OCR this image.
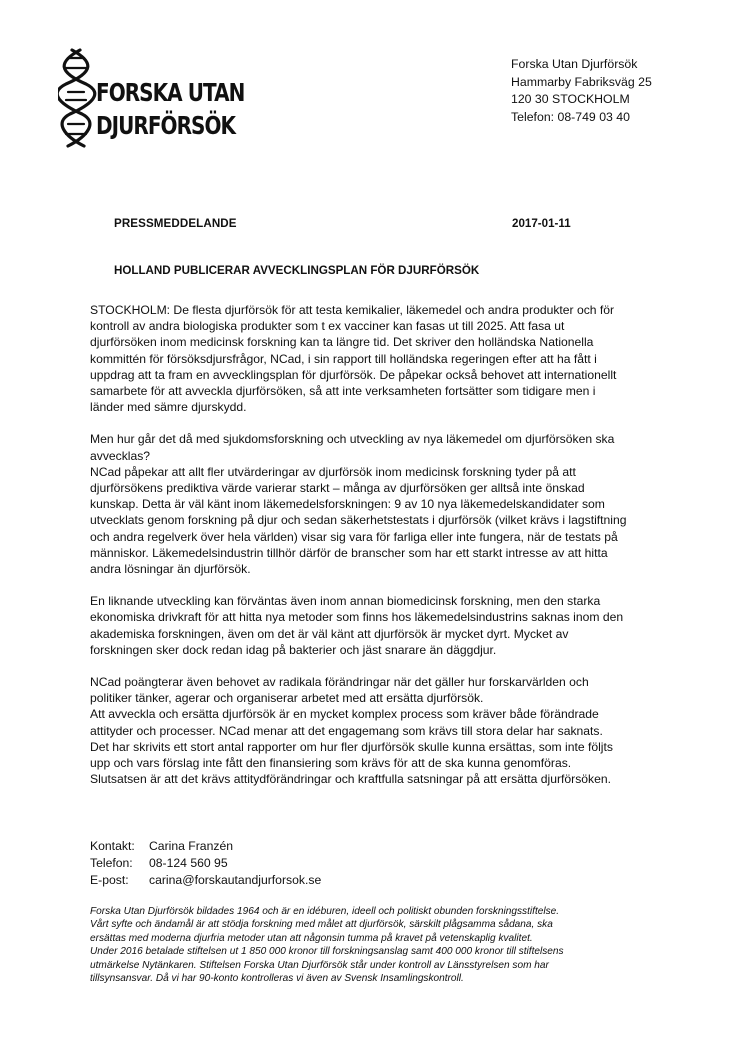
FORSKA UTAN
DJURFÖRSÖK
Forska Utan Djurförsök
Hammarby Fabriksväg 25
120 30 STOCKHOLM
Telefon: 08-749 03 40
PRESSMEDDELANDE	2017-01-11
HOLLAND PUBLICERAR AVVECKLINGSPLAN FÖR DJURFÖRSÖK
STOCKHOLM: De flesta djurförsök för att testa kemikalier, läkemedel och andra produkter och för
kontroll av andra biologiska produkter som t ex vacciner kan fasas ut till 2025. Att fasa ut
djurförsöken inom medicinsk forskning kan ta längre tid. Det skriver den holländska Nationella
kommittén för försöksdjursfrågor, NCad, i sin rapport till holländska regeringen efter att ha fått i
uppdrag att ta fram en avvecklingsplan för djurförsök. De påpekar också behovet att internationellt
samarbete för att avveckla djurförsöken, så att inte verksamheten fortsätter som tidigare men i
länder med sämre djurskydd.
Men hur går det då med sjukdomsforskning och utveckling av nya läkemedel om djurförsöken ska
avvecklas?
NCad påpekar att allt fler utvärderingar av djurförsök inom medicinsk forskning tyder på att
djurförsökens prediktiva värde varierar starkt – många av djurförsöken ger alltså inte önskad
kunskap. Detta är väl känt inom läkemedelsforskningen: 9 av 10 nya läkemedelskandidater som
utvecklats genom forskning på djur och sedan säkerhetstestats i djurförsök (vilket krävs i lagstiftning
och andra regelverk över hela världen) visar sig vara för farliga eller inte fungera, när de testats på
människor. Läkemedelsindustrin tillhör därför de branscher som har ett starkt intresse av att hitta
andra lösningar än djurförsök.
En liknande utveckling kan förväntas även inom annan biomedicinsk forskning, men den starka
ekonomiska drivkraft för att hitta nya metoder som finns hos läkemedelsindustrins saknas inom den
akademiska forskningen, även om det är väl känt att djurförsök är mycket dyrt. Mycket av
forskningen sker dock redan idag på bakterier och jäst snarare än däggdjur.
NCad poängterar även behovet av radikala förändringar när det gäller hur forskarvärlden och
politiker tänker, agerar och organiserar arbetet med att ersätta djurförsök.
Att avveckla och ersätta djurförsök är en mycket komplex process som kräver både förändrade
attityder och processer. NCad menar att det engagemang som krävs till stora delar har saknats.
Det har skrivits ett stort antal rapporter om hur fler djurförsök skulle kunna ersättas, som inte följts
upp och vars förslag inte fått den finansiering som krävs för att de ska kunna genomföras.
Slutsatsen är att det krävs attitydförändringar och kraftfulla satsningar på att ersätta djurförsöken.
Kontakt: Carina Franzén
Telefon: 08-124 560 95
E-post: carina@forskautandjurforsok.se
Forska Utan Djurförsök bildades 1964 och är en idéburen, ideell och politiskt obunden forskningsstiftelse.
Vårt syfte och ändamål är att stödja forskning med målet att djurförsök, särskilt plågsamma sådana, ska
ersättas med moderna djurfria metoder utan att någonsin tumma på kravet på vetenskaplig kvalitet.
Under 2016 betalade stiftelsen ut 1 850 000 kronor till forskningsanslag samt 400 000 kronor till stiftelsens
utmärkelse Nytänkaren. Stiftelsen Forska Utan Djurförsök står under kontroll av Länsstyrelsen som har
tillsynsansvar. Då vi har 90-konto kontrolleras vi även av Svensk Insamlingskontroll.
